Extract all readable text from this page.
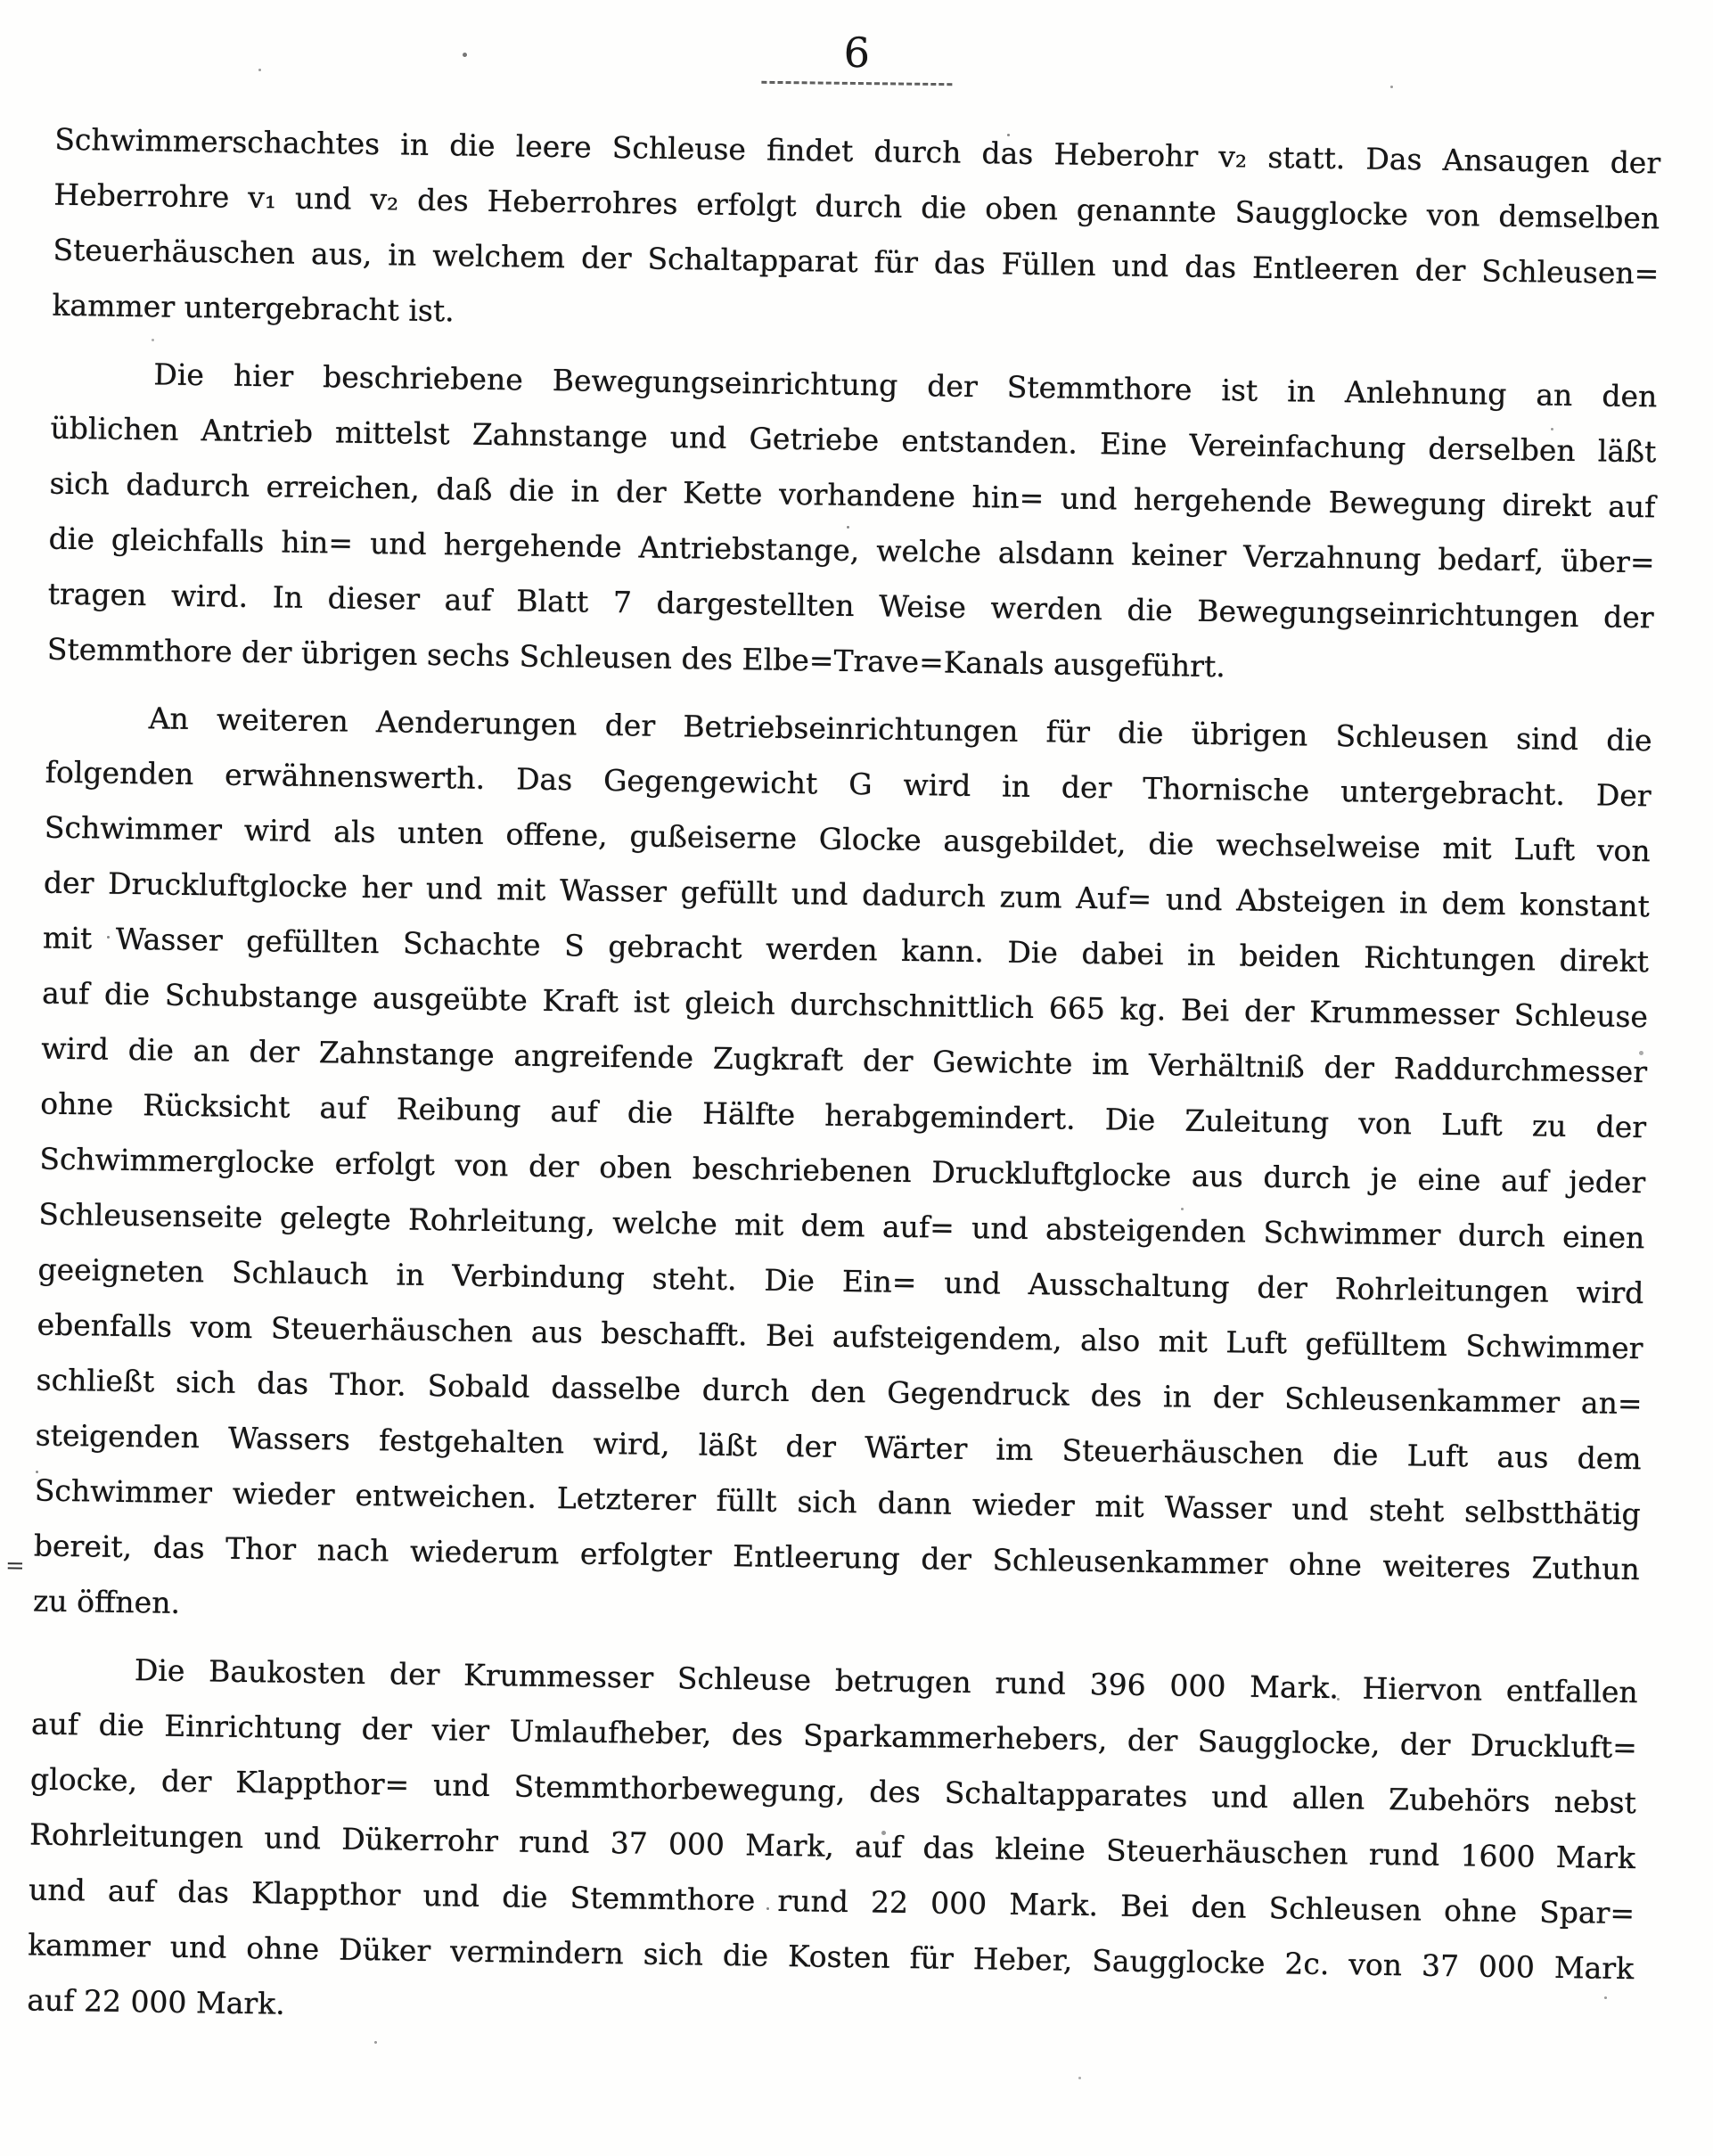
=
6
Schwimmerschachtes in die leere Schleuse findet durch das Heberohr v₂ statt. Das Ansaugen der
Heberrohre v₁ und v₂ des Heberrohres erfolgt durch die oben genannte Saugglocke von demselben
Steuerhäuschen aus, in welchem der Schaltapparat für das Füllen und das Entleeren der Schleusen=
kammer untergebracht ist.
Die hier beschriebene Bewegungseinrichtung der Stemmthore ist in Anlehnung an den
üblichen Antrieb mittelst Zahnstange und Getriebe entstanden. Eine Vereinfachung derselben läßt
sich dadurch erreichen, daß die in der Kette vorhandene hin= und hergehende Bewegung direkt auf
die gleichfalls hin= und hergehende Antriebstange, welche alsdann keiner Verzahnung bedarf, über=
tragen wird. In dieser auf Blatt 7 dargestellten Weise werden die Bewegungseinrichtungen der
Stemmthore der übrigen sechs Schleusen des Elbe=Trave=Kanals ausgeführt.
An weiteren Aenderungen der Betriebseinrichtungen für die übrigen Schleusen sind die
folgenden erwähnenswerth. Das Gegengewicht G wird in der Thornische untergebracht. Der
Schwimmer wird als unten offene, gußeiserne Glocke ausgebildet, die wechselweise mit Luft von
der Druckluftglocke her und mit Wasser gefüllt und dadurch zum Auf= und Absteigen in dem konstant
mit Wasser gefüllten Schachte S gebracht werden kann. Die dabei in beiden Richtungen direkt
auf die Schubstange ausgeübte Kraft ist gleich durchschnittlich 665 kg. Bei der Krummesser Schleuse
wird die an der Zahnstange angreifende Zugkraft der Gewichte im Verhältniß der Raddurchmesser
ohne Rücksicht auf Reibung auf die Hälfte herabgemindert. Die Zuleitung von Luft zu der
Schwimmerglocke erfolgt von der oben beschriebenen Druckluftglocke aus durch je eine auf jeder
Schleusenseite gelegte Rohrleitung, welche mit dem auf= und absteigenden Schwimmer durch einen
geeigneten Schlauch in Verbindung steht. Die Ein= und Ausschaltung der Rohrleitungen wird
ebenfalls vom Steuerhäuschen aus beschafft. Bei aufsteigendem, also mit Luft gefülltem Schwimmer
schließt sich das Thor. Sobald dasselbe durch den Gegendruck des in der Schleusenkammer an=
steigenden Wassers festgehalten wird, läßt der Wärter im Steuerhäuschen die Luft aus dem
Schwimmer wieder entweichen. Letzterer füllt sich dann wieder mit Wasser und steht selbstthätig
bereit, das Thor nach wiederum erfolgter Entleerung der Schleusenkammer ohne weiteres Zuthun
zu öffnen.
Die Baukosten der Krummesser Schleuse betrugen rund 396 000 Mark. Hiervon entfallen
auf die Einrichtung der vier Umlaufheber, des Sparkammerhebers, der Saugglocke, der Druckluft=
glocke, der Klappthor= und Stemmthorbewegung, des Schaltapparates und allen Zubehörs nebst
Rohrleitungen und Dükerrohr rund 37 000 Mark, auf das kleine Steuerhäuschen rund 1600 Mark
und auf das Klappthor und die Stemmthore rund 22 000 Mark. Bei den Schleusen ohne Spar=
kammer und ohne Düker vermindern sich die Kosten für Heber, Saugglocke 2c. von 37 000 Mark
auf 22 000 Mark.
